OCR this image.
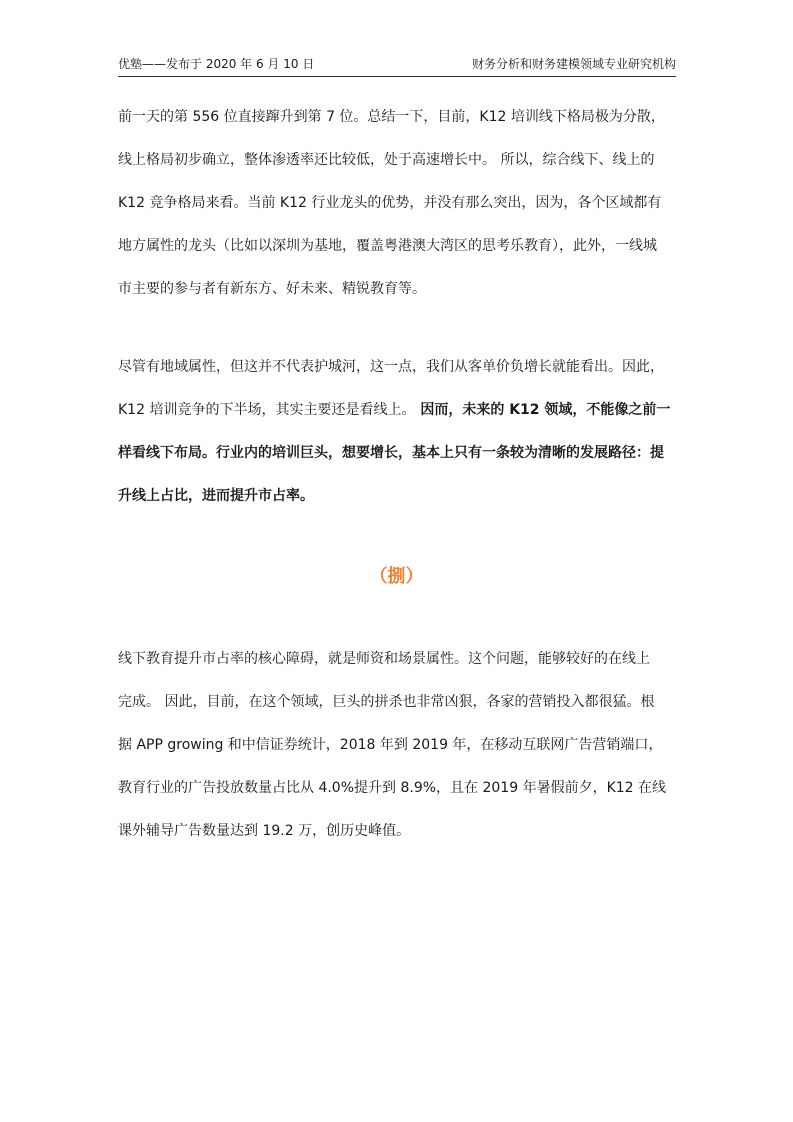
优塾——发布于 2020 年 6 月 10 日	财务分析和财务建模领域专业研究机构
前一天的第 556 位直接蹿升到第 7 位。总结一下，目前，K12 培训线下格局极为分散，
线上格局初步确立，整体渗透率还比较低，处于高速增长中。 所以，综合线下、线上的
K12 竞争格局来看。当前 K12 行业龙头的优势，并没有那么突出，因为，各个区域都有
地方属性的龙头（比如以深圳为基地，覆盖粤港澳大湾区的思考乐教育），此外，一线城
市主要的参与者有新东方、好未来、精锐教育等。
尽管有地域属性，但这并不代表护城河，这一点，我们从客单价负增长就能看出。因此，
K12 培训竞争的下半场，其实主要还是看线上。 因而，未来的 K12 领域，不能像之前一
样看线下布局。行业内的培训巨头，想要增长，基本上只有一条较为清晰的发展路径：提
升线上占比，进而提升市占率。
（捌）
线下教育提升市占率的核心障碍，就是师资和场景属性。这个问题，能够较好的在线上
完成。 因此，目前，在这个领域，巨头的拼杀也非常凶狠，各家的营销投入都很猛。根
据 APP growing 和中信证券统计，2018 年到 2019 年，在移动互联网广告营销端口，
教育行业的广告投放数量占比从 4.0%提升到 8.9%，且在 2019 年暑假前夕，K12 在线
课外辅导广告数量达到 19.2 万，创历史峰值。
